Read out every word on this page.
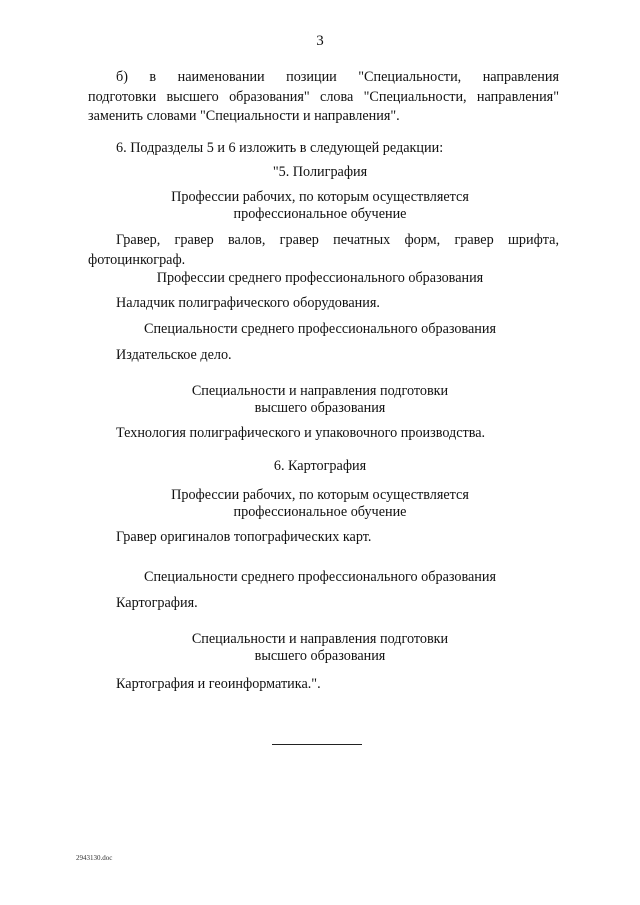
3
б) в наименовании позиции "Специальности, направления
подготовки высшего образования" слова "Специальности, направления"
заменить словами "Специальности и направления".
6. Подразделы 5 и 6 изложить в следующей редакции:
"5. Полиграфия
Профессии рабочих, по которым осуществляется
профессиональное обучение
Гравер, гравер валов, гравер печатных форм, гравер шрифта,
фотоцинкограф.
Профессии среднего профессионального образования
Наладчик полиграфического оборудования.
Специальности среднего профессионального образования
Издательское дело.
Специальности и направления подготовки
высшего образования
Технология полиграфического и упаковочного производства.
6. Картография
Профессии рабочих, по которым осуществляется
профессиональное обучение
Гравер оригиналов топографических карт.
Специальности среднего профессионального образования
Картография.
Специальности и направления подготовки
высшего образования
Картография и геоинформатика.".
2943130.doc
